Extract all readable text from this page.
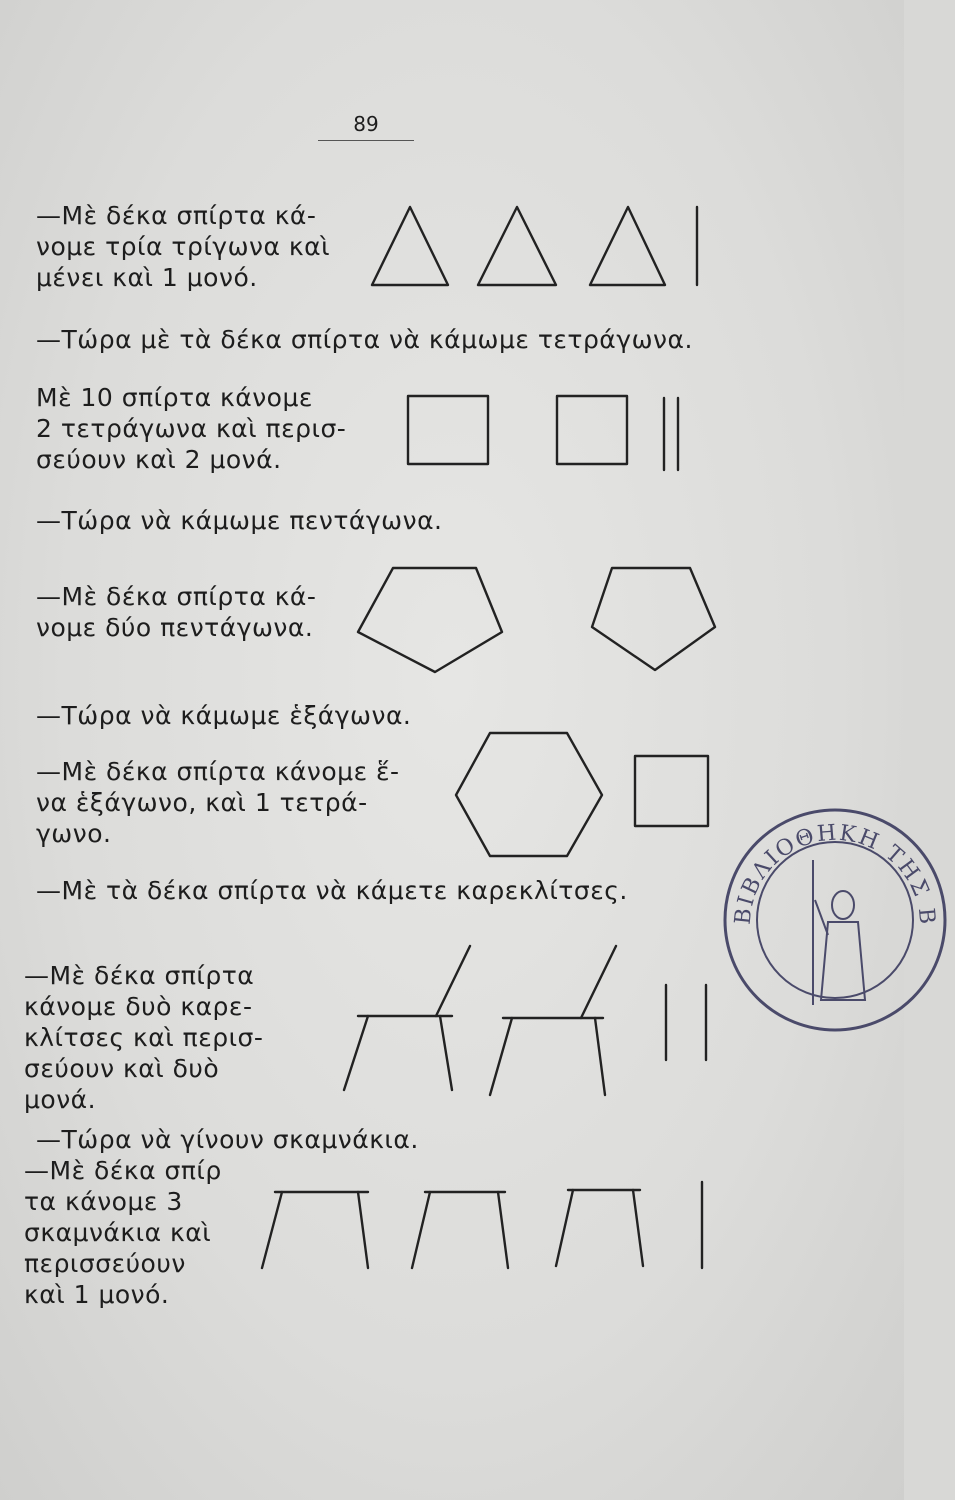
89

—Μὲ δέκα σπίρτα κά-
νομε τρία τρίγωνα καὶ
μένει καὶ 1 μονό.

—Τώρα μὲ τὰ δέκα σπίρτα νὰ κάμωμε τετράγωνα.

Μὲ 10 σπίρτα κάνομε
2 τετράγωνα καὶ περισ-
σεύουν καὶ 2 μονά.

—Τώρα νὰ κάμωμε πεντάγωνα.

—Μὲ δέκα σπίρτα κά-
νομε δύο πεντάγωνα.

—Τώρα νὰ κάμωμε ἑξάγωνα.

—Μὲ δέκα σπίρτα κάνομε ἕ-
να ἑξάγωνο, καὶ 1 τετρά-
γωνο.

—Μὲ τὰ δέκα σπίρτα νὰ κάμετε καρεκλίτσες.

—Μὲ δέκα σπίρτα
κάνομε δυὸ καρε-
κλίτσες καὶ περισ-
σεύουν καὶ δυὸ
μονά.

—Τώρα νὰ γίνουν σκαμνάκια.

—Μὲ δέκα σπίρ
τα κάνομε 3
σκαμνάκια καὶ
περισσεύουν
καὶ 1 μονό.

ΒΙΒΛΙΟΘΗΚΗ ΤΗΣ Β
